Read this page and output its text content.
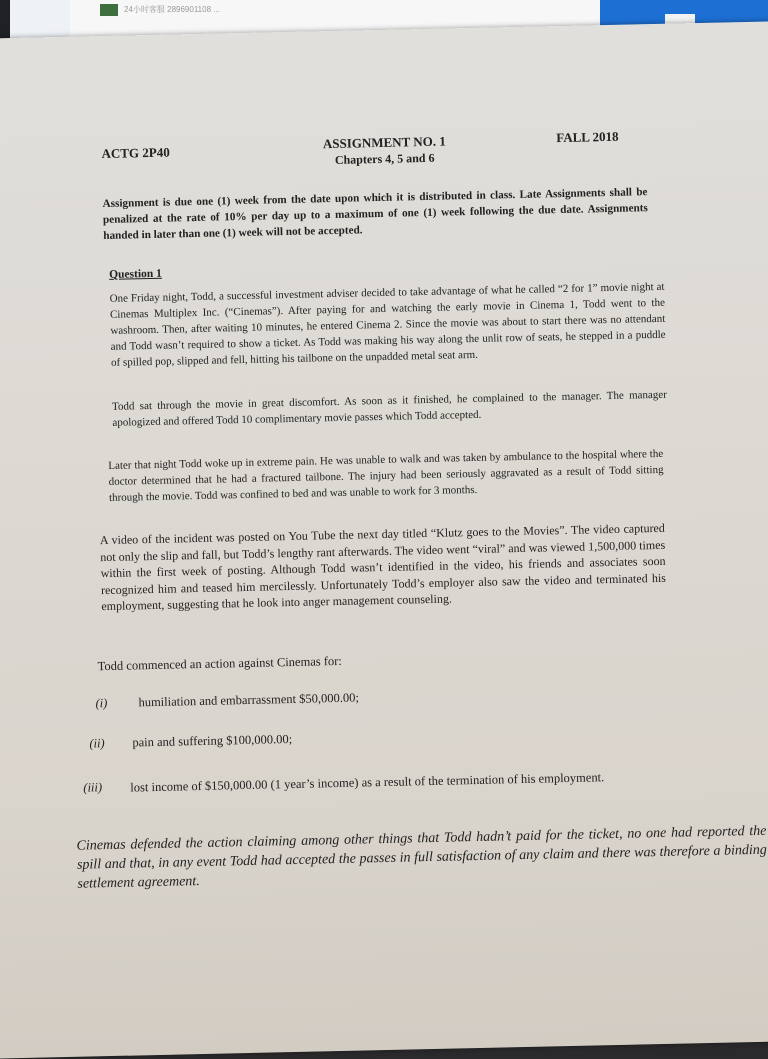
24小时客服 2896901108 ...
ACTG 2P40
ASSIGNMENT NO. 1
Chapters 4, 5 and 6
FALL 2018
Assignment is due one (1) week from the date upon which it is distributed in class. Late Assignments shall be penalized at the rate of 10% per day up to a maximum of one (1) week following the due date. Assignments handed in later than one (1) week will not be accepted.
Question 1
One Friday night, Todd, a successful investment adviser decided to take advantage of what he called “2 for 1” movie night at Cinemas Multiplex Inc. (“Cinemas”). After paying for and watching the early movie in Cinema 1, Todd went to the washroom. Then, after waiting 10 minutes, he entered Cinema 2. Since the movie was about to start there was no attendant and Todd wasn’t required to show a ticket. As Todd was making his way along the unlit row of seats, he stepped in a puddle of spilled pop, slipped and fell, hitting his tailbone on the unpadded metal seat arm.
Todd sat through the movie in great discomfort. As soon as it finished, he complained to the manager. The manager apologized and offered Todd 10 complimentary movie passes which Todd accepted.
Later that night Todd woke up in extreme pain. He was unable to walk and was taken by ambulance to the hospital where the doctor determined that he had a fractured tailbone. The injury had been seriously aggravated as a result of Todd sitting through the movie. Todd was confined to bed and was unable to work for 3 months.
A video of the incident was posted on You Tube the next day titled “Klutz goes to the Movies”. The video captured not only the slip and fall, but Todd’s lengthy rant afterwards. The video went “viral” and was viewed 1,500,000 times within the first week of posting. Although Todd wasn’t identified in the video, his friends and associates soon recognized him and teased him mercilessly. Unfortunately Todd’s employer also saw the video and terminated his employment, suggesting that he look into anger management counseling.
Todd commenced an action against Cinemas for:
(i) humiliation and embarrassment $50,000.00;
(ii) pain and suffering $100,000.00;
(iii) lost income of $150,000.00 (1 year’s income) as a result of the termination of his employment.
Cinemas defended the action claiming among other things that Todd hadn’t paid for the ticket, no one had reported the spill and that, in any event Todd had accepted the passes in full satisfaction of any claim and there was therefore a binding settlement agreement.
